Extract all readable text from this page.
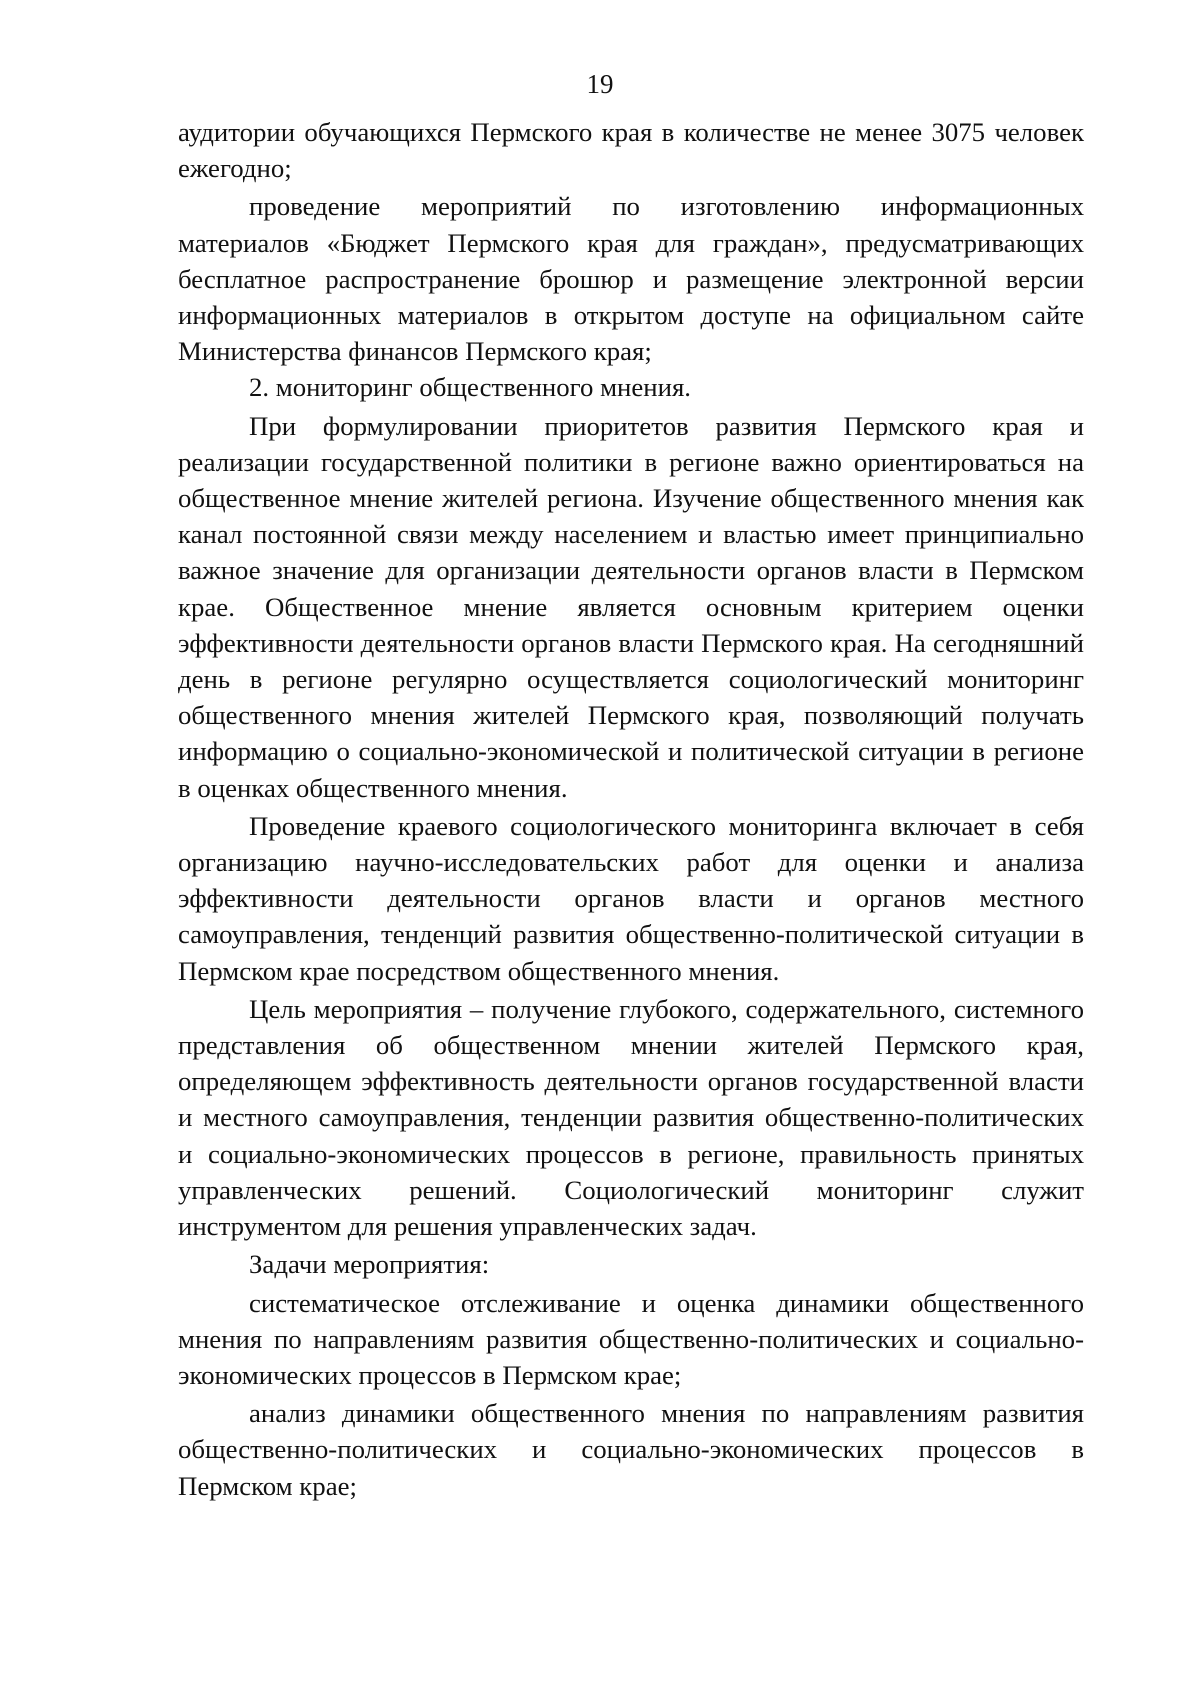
19

аудитории обучающихся Пермского края в количестве не менее 3075 человек ежегодно;

проведение мероприятий по изготовлению информационных материалов «Бюджет Пермского края для граждан», предусматривающих бесплатное распространение брошюр и размещение электронной версии информационных материалов в открытом доступе на официальном сайте Министерства финансов Пермского края;

2. мониторинг общественного мнения.

При формулировании приоритетов развития Пермского края и реализации государственной политики в регионе важно ориентироваться на общественное мнение жителей региона. Изучение общественного мнения как канал постоянной связи между населением и властью имеет принципиально важное значение для организации деятельности органов власти в Пермском крае. Общественное мнение является основным критерием оценки эффективности деятельности органов власти Пермского края. На сегодняшний день в регионе регулярно осуществляется социологический мониторинг общественного мнения жителей Пермского края, позволяющий получать информацию о социально-экономической и политической ситуации в регионе в оценках общественного мнения.

Проведение краевого социологического мониторинга включает в себя организацию научно-исследовательских работ для оценки и анализа эффективности деятельности органов власти и органов местного самоуправления, тенденций развития общественно-политической ситуации в Пермском крае посредством общественного мнения.

Цель мероприятия – получение глубокого, содержательного, системного представления об общественном мнении жителей Пермского края, определяющем эффективность деятельности органов государственной власти и местного самоуправления, тенденции развития общественно-политических и социально-экономических процессов в регионе, правильность принятых управленческих решений. Социологический мониторинг служит инструментом для решения управленческих задач.

Задачи мероприятия:

систематическое отслеживание и оценка динамики общественного мнения по направлениям развития общественно-политических и социально-экономических процессов в Пермском крае;

анализ динамики общественного мнения по направлениям развития общественно-политических и социально-экономических процессов в Пермском крае;
